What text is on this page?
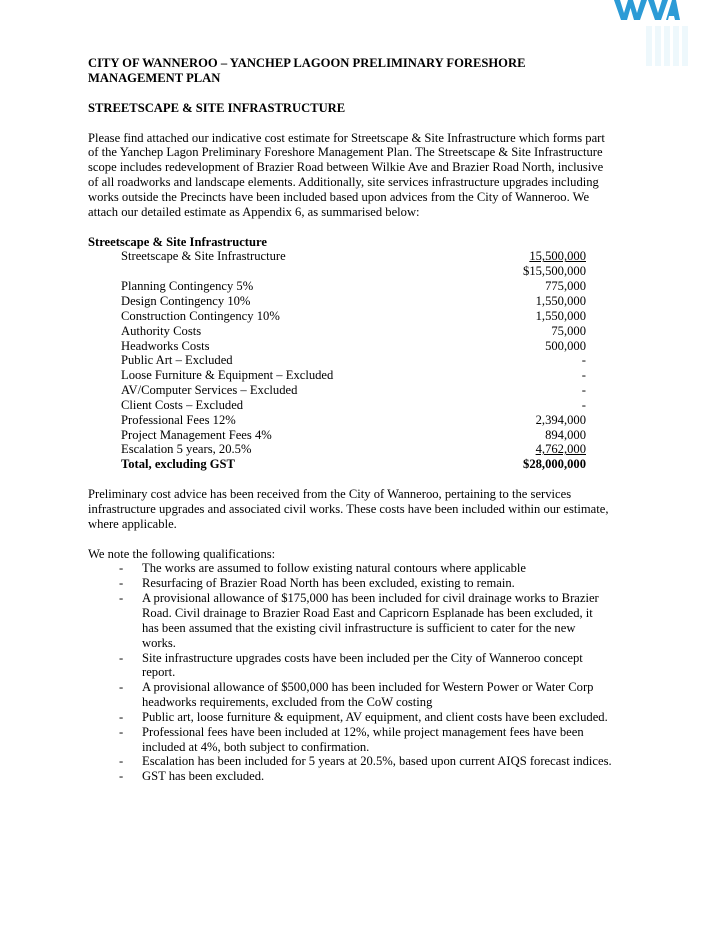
CITY OF WANNEROO – YANCHEP LAGOON PRELIMINARY FORESHORE MANAGEMENT PLAN

STREETSCAPE & SITE INFRASTRUCTURE

Please find attached our indicative cost estimate for Streetscape & Site Infrastructure which forms part of the Yanchep Lagon Preliminary Foreshore Management Plan. The Streetscape & Site Infrastructure scope includes redevelopment of Brazier Road between Wilkie Ave and Brazier Road North, inclusive of all roadworks and landscape elements. Additionally, site services infrastructure upgrades including works outside the Precincts have been included based upon advices from the City of Wanneroo. We attach our detailed estimate as Appendix 6, as summarised below:

Streetscape & Site Infrastructure

Streetscape & Site Infrastructure	15,500,000
	$15,500,000
Planning Contingency 5%	775,000
Design Contingency 10%	1,550,000
Construction Contingency 10%	1,550,000
Authority Costs	75,000
Headworks Costs	500,000
Public Art – Excluded	-
Loose Furniture & Equipment – Excluded	-
AV/Computer Services – Excluded	-
Client Costs – Excluded	-
Professional Fees 12%	2,394,000
Project Management Fees 4%	894,000
Escalation 5 years, 20.5%	4,762,000
Total, excluding GST	$28,000,000

Preliminary cost advice has been received from the City of Wanneroo, pertaining to the services infrastructure upgrades and associated civil works. These costs have been included within our estimate, where applicable.

We note the following qualifications:

- The works are assumed to follow existing natural contours where applicable
- Resurfacing of Brazier Road North has been excluded, existing to remain.
- A provisional allowance of $175,000 has been included for civil drainage works to Brazier Road. Civil drainage to Brazier Road East and Capricorn Esplanade has been excluded, it has been assumed that the existing civil infrastructure is sufficient to cater for the new works.
- Site infrastructure upgrades costs have been included per the City of Wanneroo concept report.
- A provisional allowance of $500,000 has been included for Western Power or Water Corp headworks requirements, excluded from the CoW costing
- Public art, loose furniture & equipment, AV equipment, and client costs have been excluded.
- Professional fees have been included at 12%, while project management fees have been included at 4%, both subject to confirmation.
- Escalation has been included for 5 years at 20.5%, based upon current AIQS forecast indices.
- GST has been excluded.
